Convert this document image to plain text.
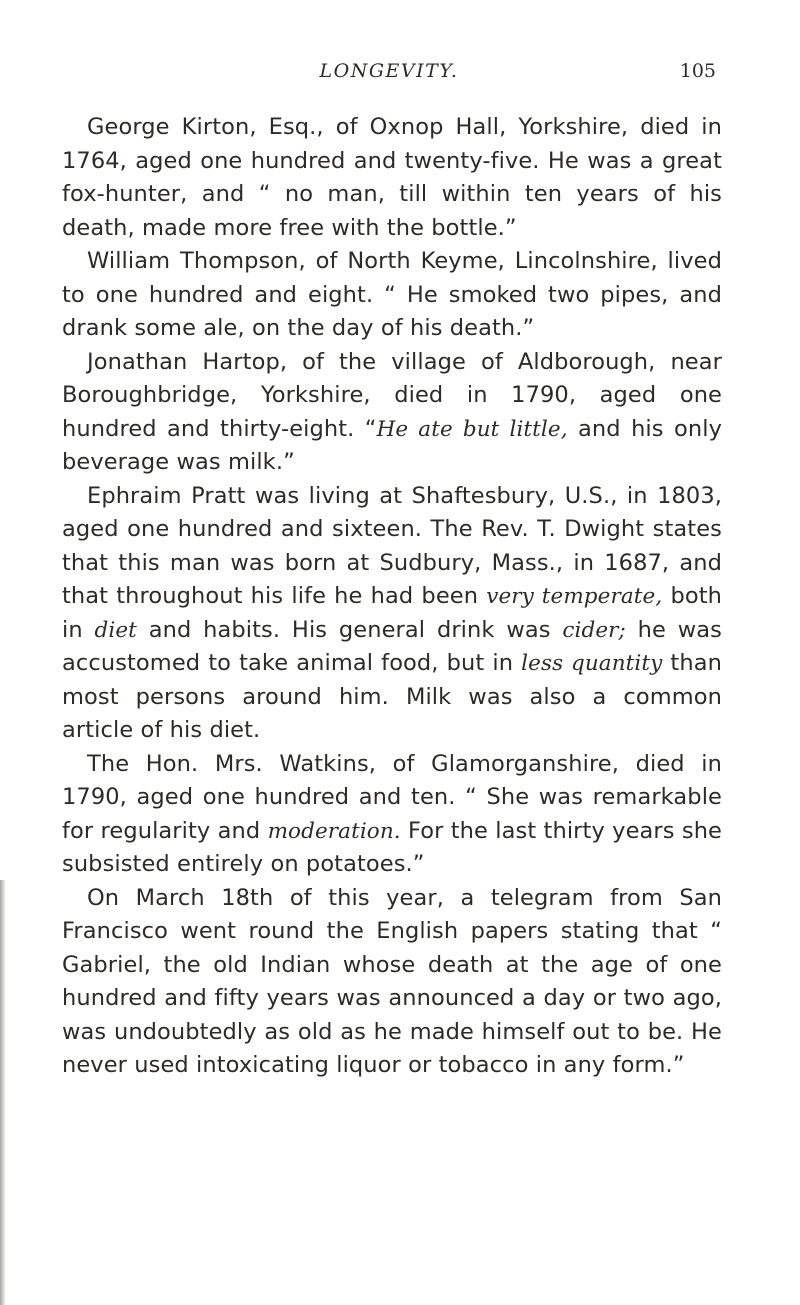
LONGEVITY.	105

George Kirton, Esq., of Oxnop Hall, Yorkshire, died in 1764, aged one hundred and twenty-five. He was a great fox-hunter, and “ no man, till within ten years of his death, made more free with the bottle.”

William Thompson, of North Keyme, Lincolnshire, lived to one hundred and eight. “ He smoked two pipes, and drank some ale, on the day of his death.”

Jonathan Hartop, of the village of Aldborough, near Boroughbridge, Yorkshire, died in 1790, aged one hundred and thirty-eight. “He ate but little, and his only beverage was milk.”

Ephraim Pratt was living at Shaftesbury, U.S., in 1803, aged one hundred and sixteen. The Rev. T. Dwight states that this man was born at Sudbury, Mass., in 1687, and that throughout his life he had been very temperate, both in diet and habits. His general drink was cider; he was accustomed to take animal food, but in less quantity than most persons around him. Milk was also a common article of his diet.

The Hon. Mrs. Watkins, of Glamorganshire, died in 1790, aged one hundred and ten. “ She was remarkable for regularity and moderation. For the last thirty years she subsisted entirely on potatoes.”

On March 18th of this year, a telegram from San Francisco went round the English papers stating that “ Gabriel, the old Indian whose death at the age of one hundred and fifty years was announced a day or two ago, was undoubtedly as old as he made himself out to be. He never used intoxicating liquor or tobacco in any form.”
